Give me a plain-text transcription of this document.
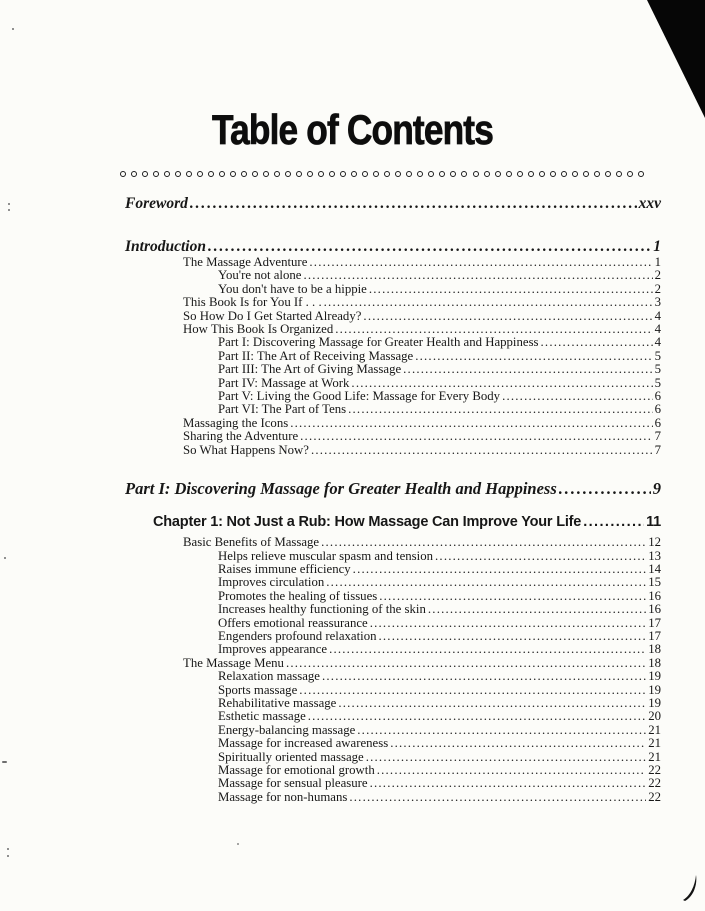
Table of Contents
Foreword .....	xxv
Introduction .....	1
The Massage Adventure .....	1
You're not alone .....	2
You don't have to be a hippie .....	2
This Book Is for You If . . . .....	3
So How Do I Get Started Already? .....	4
How This Book Is Organized .....	4
Part I: Discovering Massage for Greater Health and Happiness .....	4
Part II: The Art of Receiving Massage .....	5
Part III: The Art of Giving Massage .....	5
Part IV: Massage at Work .....	5
Part V: Living the Good Life: Massage for Every Body .....	6
Part VI: The Part of Tens .....	6
Massaging the Icons .....	6
Sharing the Adventure .....	7
So What Happens Now? .....	7
Part I: Discovering Massage for Greater Health and Happiness .....	9
Chapter 1: Not Just a Rub: How Massage Can Improve Your Life .....	11
Basic Benefits of Massage .....	12
Helps relieve muscular spasm and tension .....	13
Raises immune efficiency .....	14
Improves circulation .....	15
Promotes the healing of tissues .....	16
Increases healthy functioning of the skin .....	16
Offers emotional reassurance .....	17
Engenders profound relaxation .....	17
Improves appearance .....	18
The Massage Menu .....	18
Relaxation massage .....	19
Sports massage .....	19
Rehabilitative massage .....	19
Esthetic massage .....	20
Energy-balancing massage .....	21
Massage for increased awareness .....	21
Spiritually oriented massage .....	21
Massage for emotional growth .....	22
Massage for sensual pleasure .....	22
Massage for non-humans .....	22
